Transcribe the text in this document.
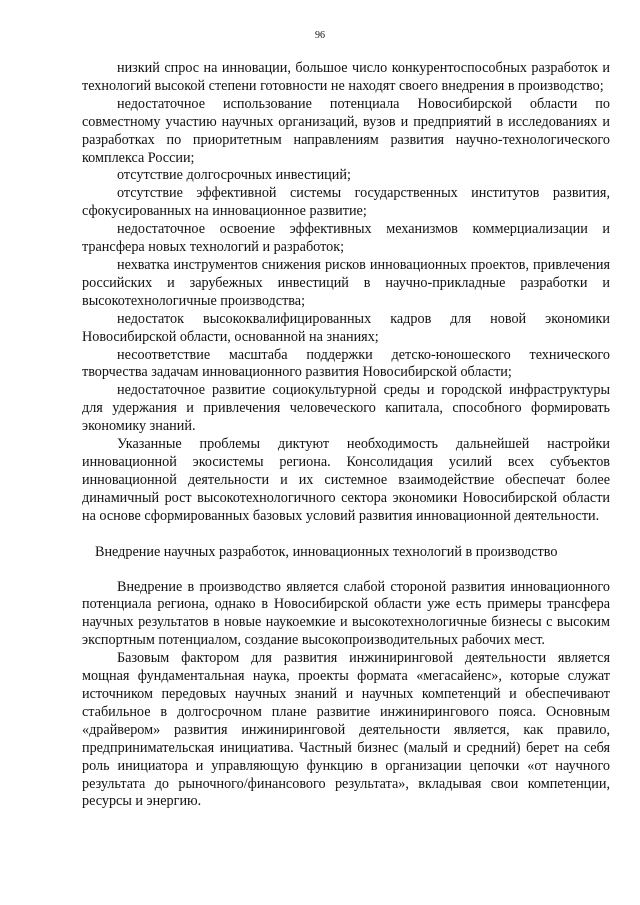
96

низкий спрос на инновации, большое число конкурентоспособных разработок и технологий высокой степени готовности не находят своего внедрения в производство;

недостаточное использование потенциала Новосибирской области по совместному участию научных организаций, вузов и предприятий в исследованиях и разработках по приоритетным направлениям развития научно-технологического комплекса России;

отсутствие долгосрочных инвестиций;

отсутствие эффективной системы государственных институтов развития, сфокусированных на инновационное развитие;

недостаточное освоение эффективных механизмов коммерциализации и трансфера новых технологий и разработок;

нехватка инструментов снижения рисков инновационных проектов, привлечения российских и зарубежных инвестиций в научно-прикладные разработки и высокотехнологичные производства;

недостаток высококвалифицированных кадров для новой экономики Новосибирской области, основанной на знаниях;

несоответствие масштаба поддержки детско-юношеского технического творчества задачам инновационного развития Новосибирской области;

недостаточное развитие социокультурной среды и городской инфраструктуры для удержания и привлечения человеческого капитала, способного формировать экономику знаний.

Указанные проблемы диктуют необходимость дальнейшей настройки инновационной экосистемы региона. Консолидация усилий всех субъектов инновационной деятельности и их системное взаимодействие обеспечат более динамичный рост высокотехнологичного сектора экономики Новосибирской области на основе сформированных базовых условий развития инновационной деятельности.

Внедрение научных разработок, инновационных технологий в производство

Внедрение в производство является слабой стороной развития инновационного потенциала региона, однако в Новосибирской области уже есть примеры трансфера научных результатов в новые наукоемкие и высокотехнологичные бизнесы с высоким экспортным потенциалом, создание высокопроизводительных рабочих мест.

Базовым фактором для развития инжиниринговой деятельности является мощная фундаментальная наука, проекты формата «мегасайенс», которые служат источником передовых научных знаний и научных компетенций и обеспечивают стабильное в долгосрочном плане развитие инжинирингового пояса. Основным «драйвером» развития инжиниринговой деятельности является, как правило, предпринимательская инициатива. Частный бизнес (малый и средний) берет на себя роль инициатора и управляющую функцию в организации цепочки «от научного результата до рыночного/финансового результата», вкладывая свои компетенции, ресурсы и энергию.
